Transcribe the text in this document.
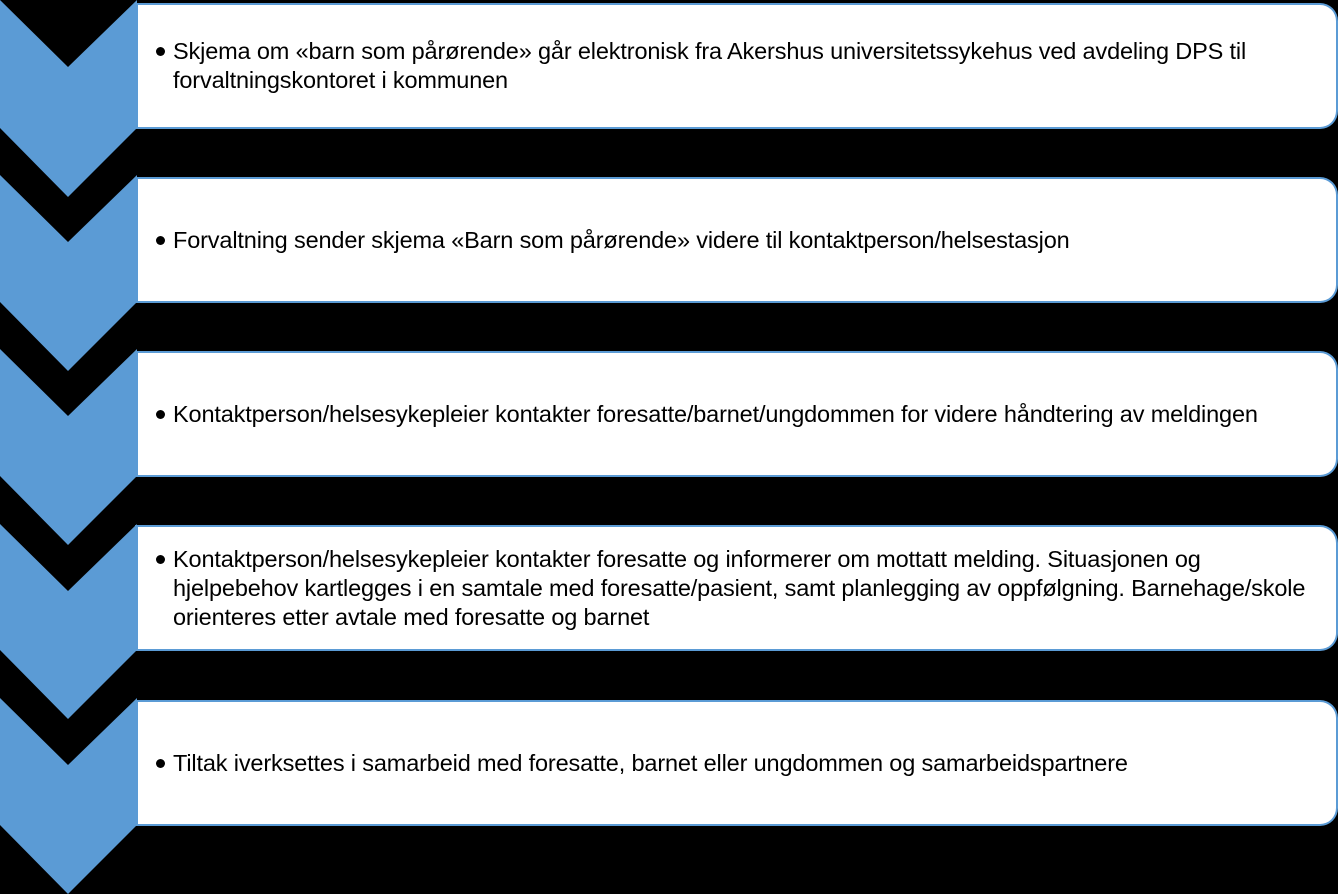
Skjema om «barn som pårørende» går elektronisk fra Akershus universitetssykehus ved avdeling DPS til forvaltningskontoret i kommunen
Forvaltning sender skjema «Barn som pårørende» videre til kontaktperson/helsestasjon
Kontaktperson/helsesykepleier kontakter foresatte/barnet/ungdommen for videre håndtering av meldingen
Kontaktperson/helsesykepleier kontakter foresatte og informerer om mottatt melding. Situasjonen og hjelpebehov kartlegges i en samtale med foresatte/pasient, samt planlegging av oppfølgning. Barnehage/skole orienteres etter avtale med foresatte og barnet
Tiltak iverksettes i samarbeid med foresatte, barnet eller ungdommen og samarbeidspartnere
